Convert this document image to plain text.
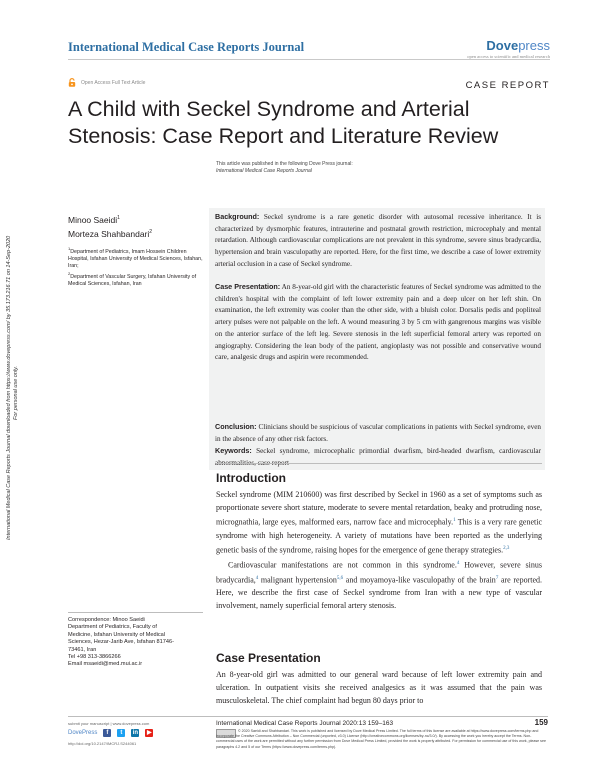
International Medical Case Reports Journal	Dovepress
open access to scientific and medical research
Open Access Full Text Article	CASE REPORT
A Child with Seckel Syndrome and Arterial Stenosis: Case Report and Literature Review
This article was published in the following Dove Press journal:
International Medical Case Reports Journal
International Medical Case Reports Journal downloaded from https://www.dovepress.com/ by 35.173.216.71 on 14-Sep-2020 For personal use only.
Minoo Saeidi$^1$
Morteza Shahbandari$^2$
$^1$Department of Pediatrics, Imam Hossein Children Hospital, Isfahan University of Medical Sciences, Isfahan, Iran;
$^2$Department of Vascular Surgery, Isfahan University of Medical Sciences, Isfahan, Iran
Background: Seckel syndrome is a rare genetic disorder with autosomal recessive inheritance. It is characterized by dysmorphic features, intrauterine and postnatal growth restriction, microcephaly and mental retardation. Although cardiovascular complications are not prevalent in this syndrome, severe sinus bradycardia, hypertension and brain vasculopathy are reported. Here, for the first time, we describe a case of lower extremity arterial occlusion in a case of Seckel syndrome.
Case Presentation: An 8-year-old girl with the characteristic features of Seckel syndrome was admitted to the children's hospital with the complaint of left lower extremity pain and a deep ulcer on her left shin. On examination, the left extremity was cooler than the other side, with a bluish color. Dorsalis pedis and popliteal artery pulses were not palpable on the left. A wound measuring 3 by 5 cm with gangrenous margins was visible on the anterior surface of the left leg. Severe stenosis in the left superficial femoral artery was reported on angiography. Considering the lean body of the patient, angioplasty was not possible and conservative wound care, analgesic drugs and aspirin were recommended.
Conclusion: Clinicians should be suspicious of vascular complications in patients with Seckel syndrome, even in the absence of any other risk factors.
Keywords: Seckel syndrome, microcephalic primordial dwarfism, bird-headed dwarfism, cardiovascular abnormalities, case report
Introduction
Seckel syndrome (MIM 210600) was first described by Seckel in 1960 as a set of symptoms such as proportionate severe short stature, moderate to severe mental retardation, beaky and protruding nose, micrognathia, large eyes, malformed ears, narrow face and microcephaly.$^1$ This is a very rare genetic syndrome with high heterogeneity. A variety of mutations have been reported as the underlying genetic basis of the syndrome, raising hopes for the emergence of gene therapy strategies.$^{2,3}$
Cardiovascular manifestations are not common in this syndrome.$^4$ However, severe sinus bradycardia,$^4$ malignant hypertension$^{5,6}$ and moyamoya-like vasculopathy of the brain$^7$ are reported. Here, we describe the first case of Seckel syndrome from Iran with a new type of vascular involvement, namely superficial femoral artery stenosis.
Case Presentation
An 8-year-old girl was admitted to our general ward because of left lower extremity pain and ulceration. In outpatient visits she received analgesics as it was assumed that the pain was musculoskeletal. The chief complaint had begun 80 days prior to
Correspondence: Minoo Saeidi
Department of Pediatrics, Faculty of
Medicine, Isfahan University of Medical
Sciences, Hezar-Jarib Ave, Isfahan 81746-
73461, Iran
Tel +98 313-3866266
Email msaeidi@med.mui.ac.ir
submit your manuscript | www.dovepress.com
DovePress	f	t	in ▶
http://doi.org/10.2147/IMCRJ.S244061
International Medical Case Reports Journal 2020:13 159–163	159
© 2020 Saeidi and Shahbandari. This work is published and licensed by Dove Medical Press Limited. The full terms of this license are available at https://www.dovepress.com/terms.php and incorporate the Creative Commons Attribution – Non Commercial (unported, v3.0) License (http://creativecommons.org/licenses/by-nc/3.0/). By accessing the work you hereby accept the Terms. Non-commercial uses of the work are permitted without any further permission from Dove Medical Press Limited, provided the work is properly attributed. For permission for commercial use of this work, please see paragraphs 4.2 and 5 of our Terms (https://www.dovepress.com/terms.php).
